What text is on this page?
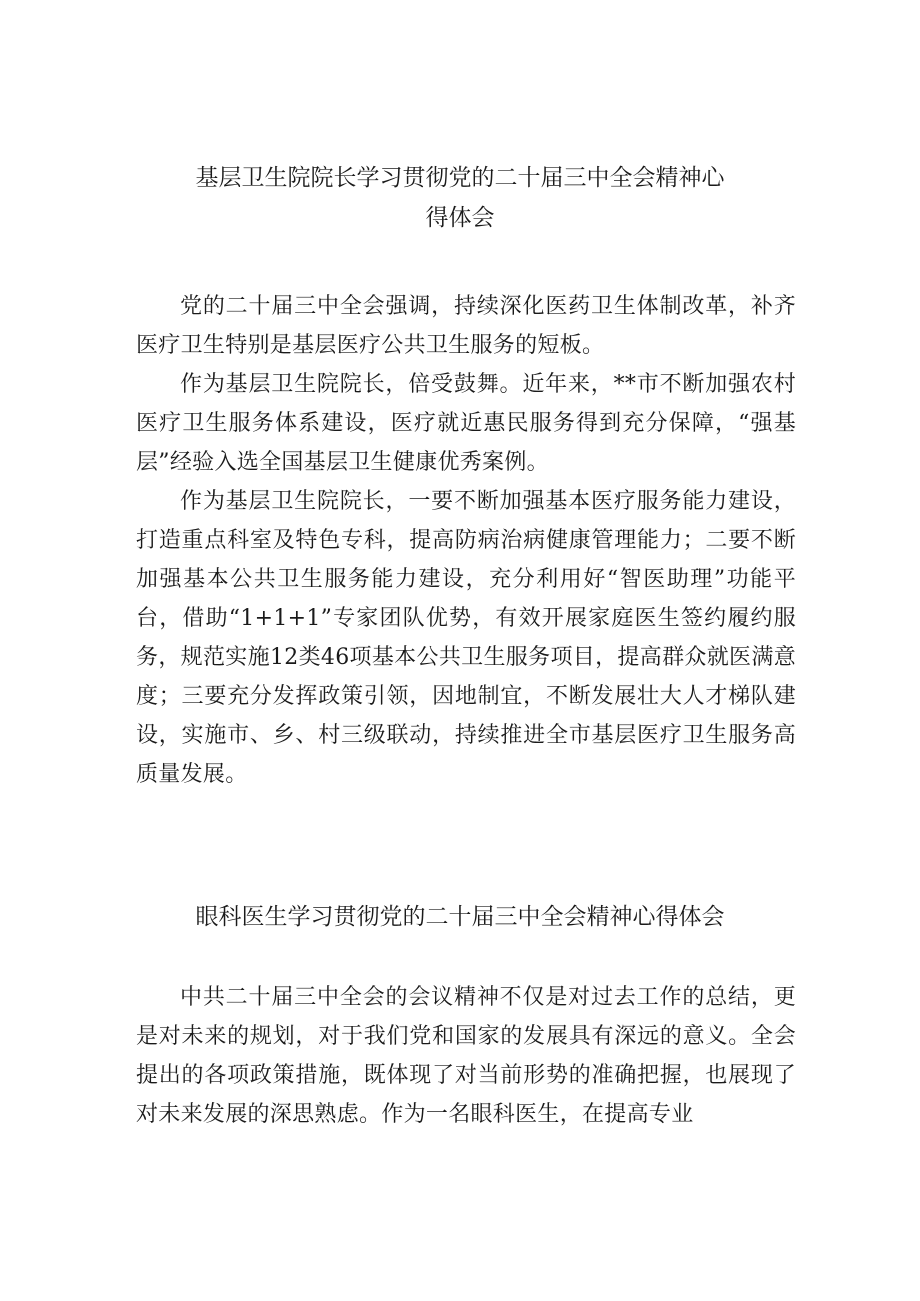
基层卫生院院长学习贯彻党的二十届三中全会精神心
得体会

党的二十届三中全会强调，持续深化医药卫生体制改革，补齐医疗卫生特别是基层医疗公共卫生服务的短板。

作为基层卫生院院长，倍受鼓舞。近年来，**市不断加强农村医疗卫生服务体系建设，医疗就近惠民服务得到充分保障，“强基层”经验入选全国基层卫生健康优秀案例。

作为基层卫生院院长，一要不断加强基本医疗服务能力建设，打造重点科室及特色专科，提高防病治病健康管理能力；二要不断加强基本公共卫生服务能力建设，充分利用好“智医助理”功能平台，借助“1+1+1”专家团队优势，有效开展家庭医生签约履约服务，规范实施12类46项基本公共卫生服务项目，提高群众就医满意度；三要充分发挥政策引领，因地制宜，不断发展壮大人才梯队建设，实施市、乡、村三级联动，持续推进全市基层医疗卫生服务高质量发展。

眼科医生学习贯彻党的二十届三中全会精神心得体会

中共二十届三中全会的会议精神不仅是对过去工作的总结，更是对未来的规划，对于我们党和国家的发展具有深远的意义。全会提出的各项政策措施，既体现了对当前形势的准确把握，也展现了对未来发展的深思熟虑。作为一名眼科医生，在提高专业
